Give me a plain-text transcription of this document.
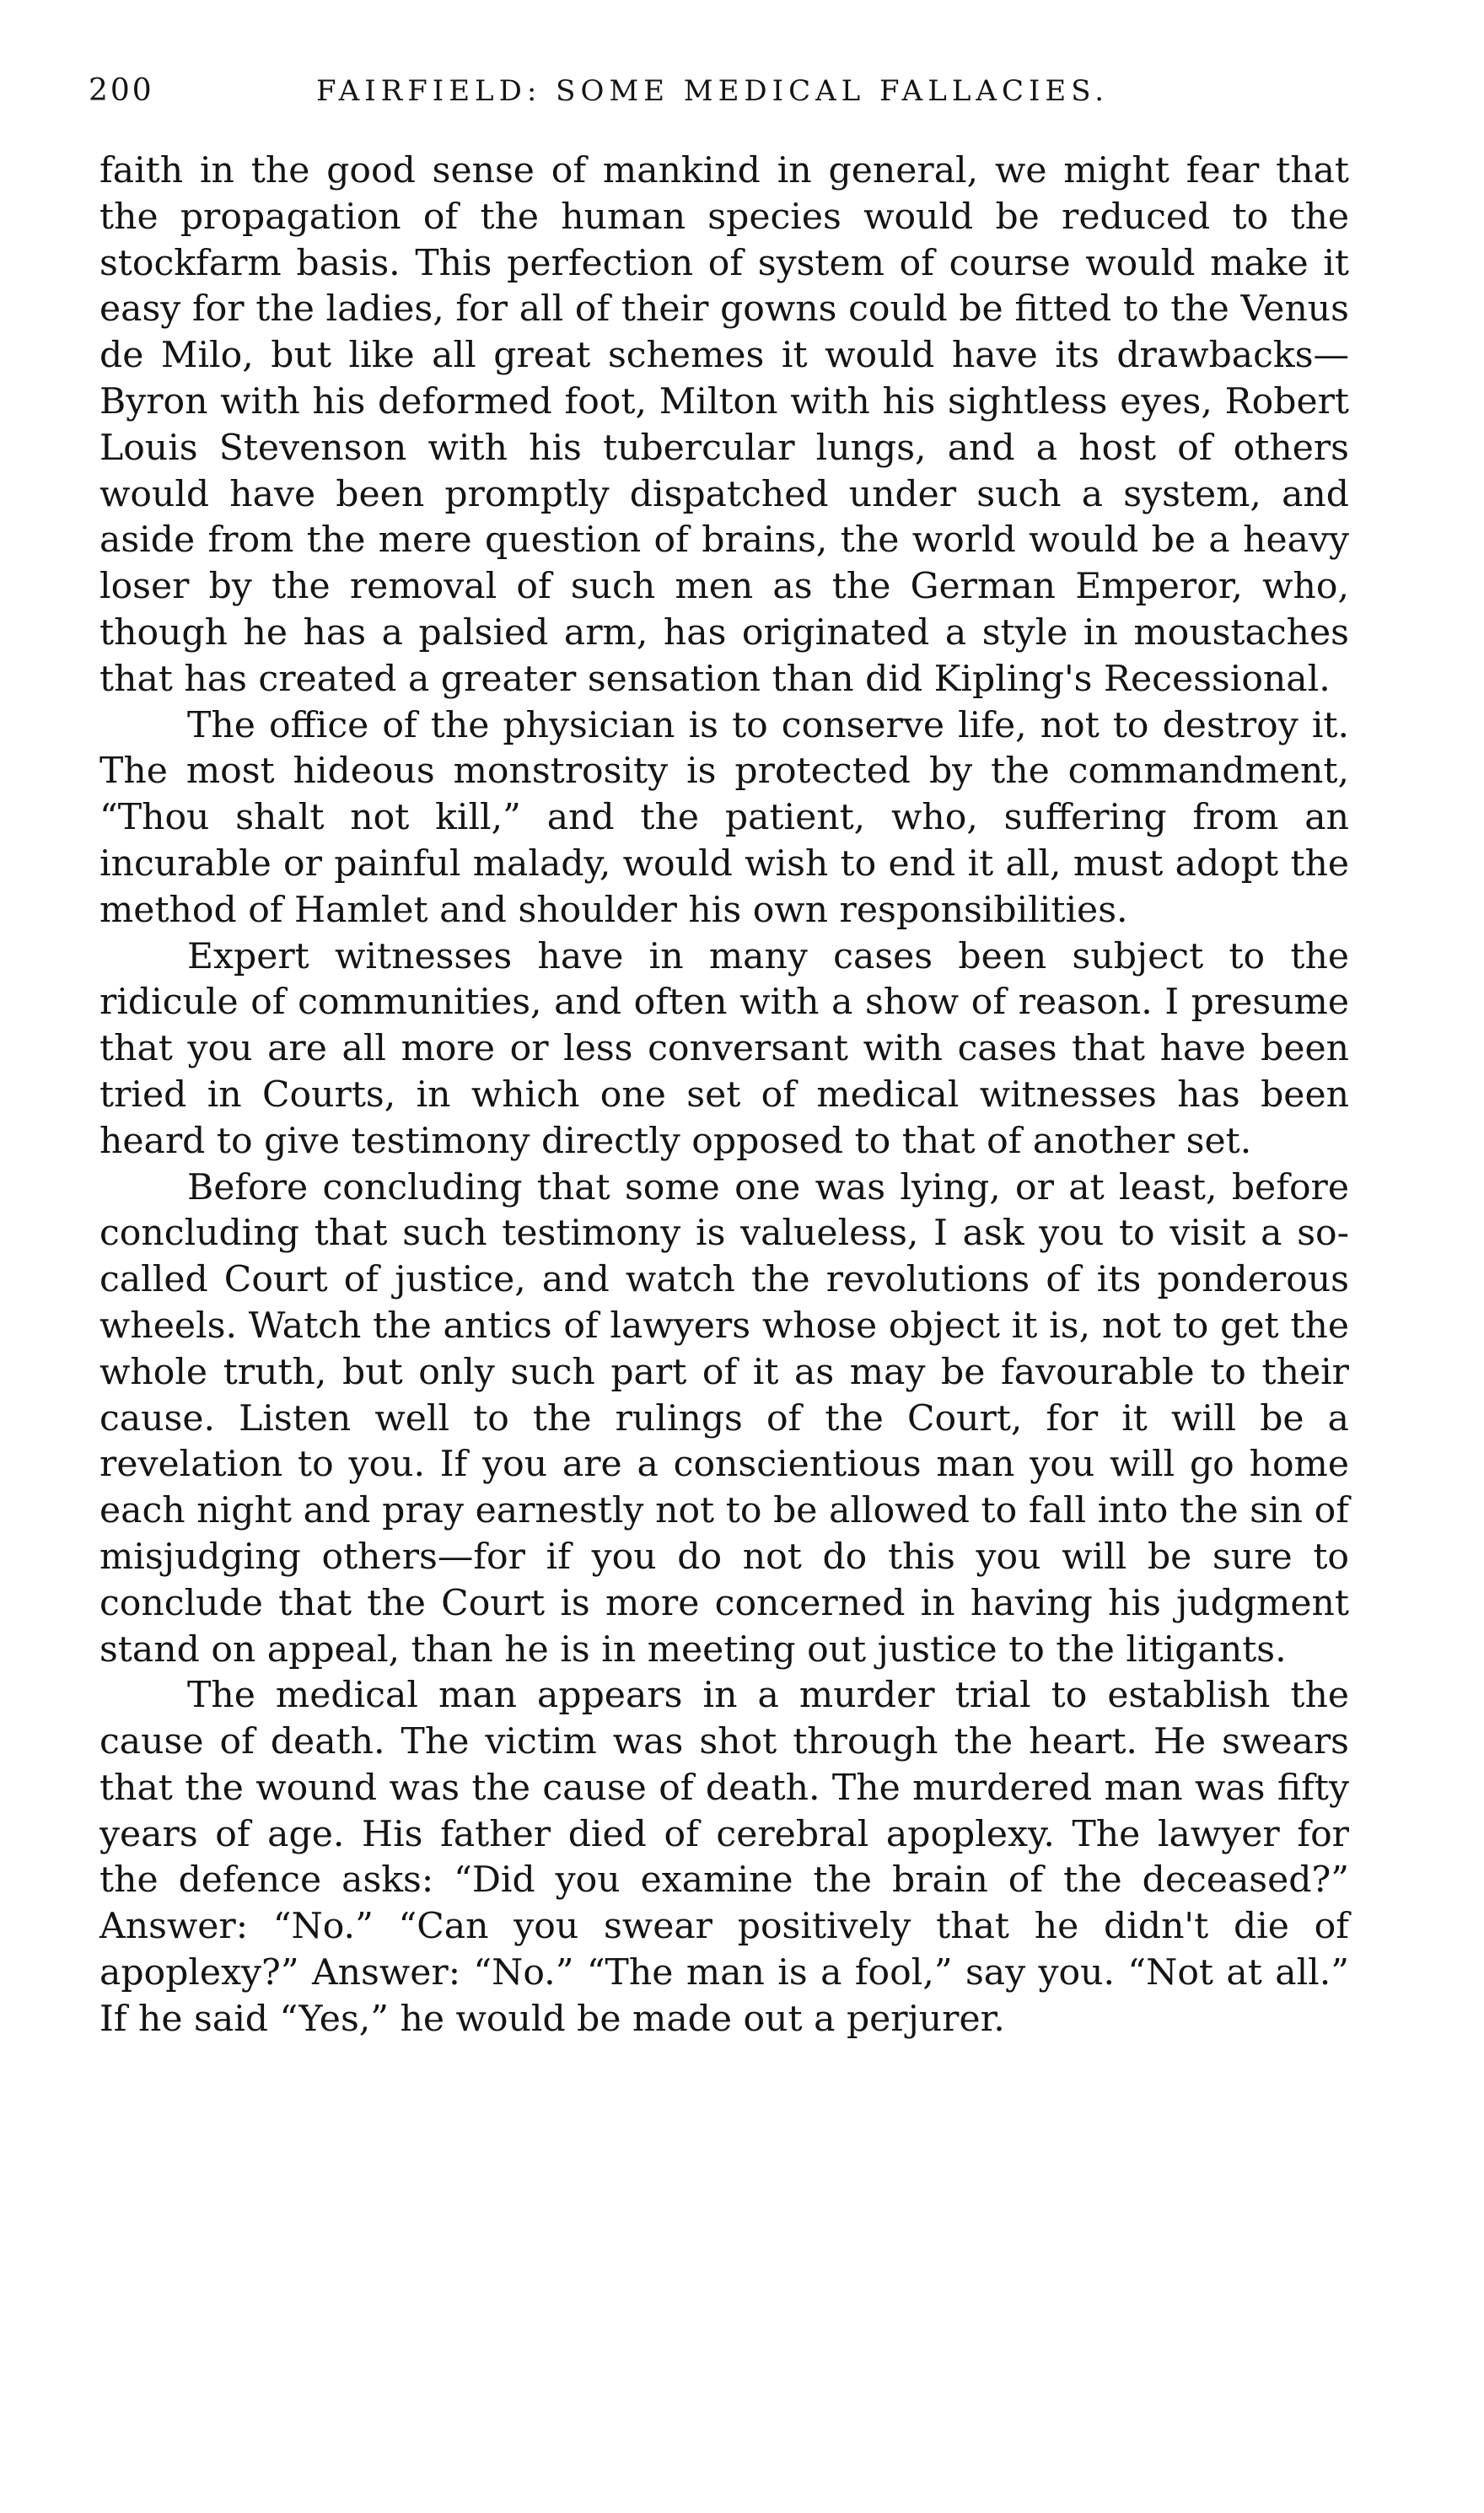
200	FAIRFIELD: SOME MEDICAL FALLACIES.

faith in the good sense of mankind in general, we might fear that the propagation of the human species would be reduced to the stockfarm basis. This perfection of system of course would make it easy for the ladies, for all of their gowns could be fitted to the Venus de Milo, but like all great schemes it would have its drawbacks—Byron with his deformed foot, Milton with his sightless eyes, Robert Louis Stevenson with his tubercular lungs, and a host of others would have been promptly dispatched under such a system, and aside from the mere question of brains, the world would be a heavy loser by the removal of such men as the German Emperor, who, though he has a palsied arm, has originated a style in moustaches that has created a greater sensation than did Kipling's Recessional.

The office of the physician is to conserve life, not to destroy it. The most hideous monstrosity is protected by the commandment, “Thou shalt not kill,” and the patient, who, suffering from an incurable or painful malady, would wish to end it all, must adopt the method of Hamlet and shoulder his own responsibilities.

Expert witnesses have in many cases been subject to the ridicule of communities, and often with a show of reason. I presume that you are all more or less conversant with cases that have been tried in Courts, in which one set of medical witnesses has been heard to give testimony directly opposed to that of another set.

Before concluding that some one was lying, or at least, before concluding that such testimony is valueless, I ask you to visit a so-called Court of justice, and watch the revolutions of its ponderous wheels. Watch the antics of lawyers whose object it is, not to get the whole truth, but only such part of it as may be favourable to their cause. Listen well to the rulings of the Court, for it will be a revelation to you. If you are a conscientious man you will go home each night and pray earnestly not to be allowed to fall into the sin of misjudging others—for if you do not do this you will be sure to conclude that the Court is more concerned in having his judgment stand on appeal, than he is in meeting out justice to the litigants.

The medical man appears in a murder trial to establish the cause of death. The victim was shot through the heart. He swears that the wound was the cause of death. The murdered man was fifty years of age. His father died of cerebral apoplexy. The lawyer for the defence asks: “Did you examine the brain of the deceased?” Answer: “No.” “Can you swear positively that he didn't die of apoplexy?” Answer: “No.” “The man is a fool,” say you. “Not at all.” If he said “Yes,” he would be made out a perjurer.
